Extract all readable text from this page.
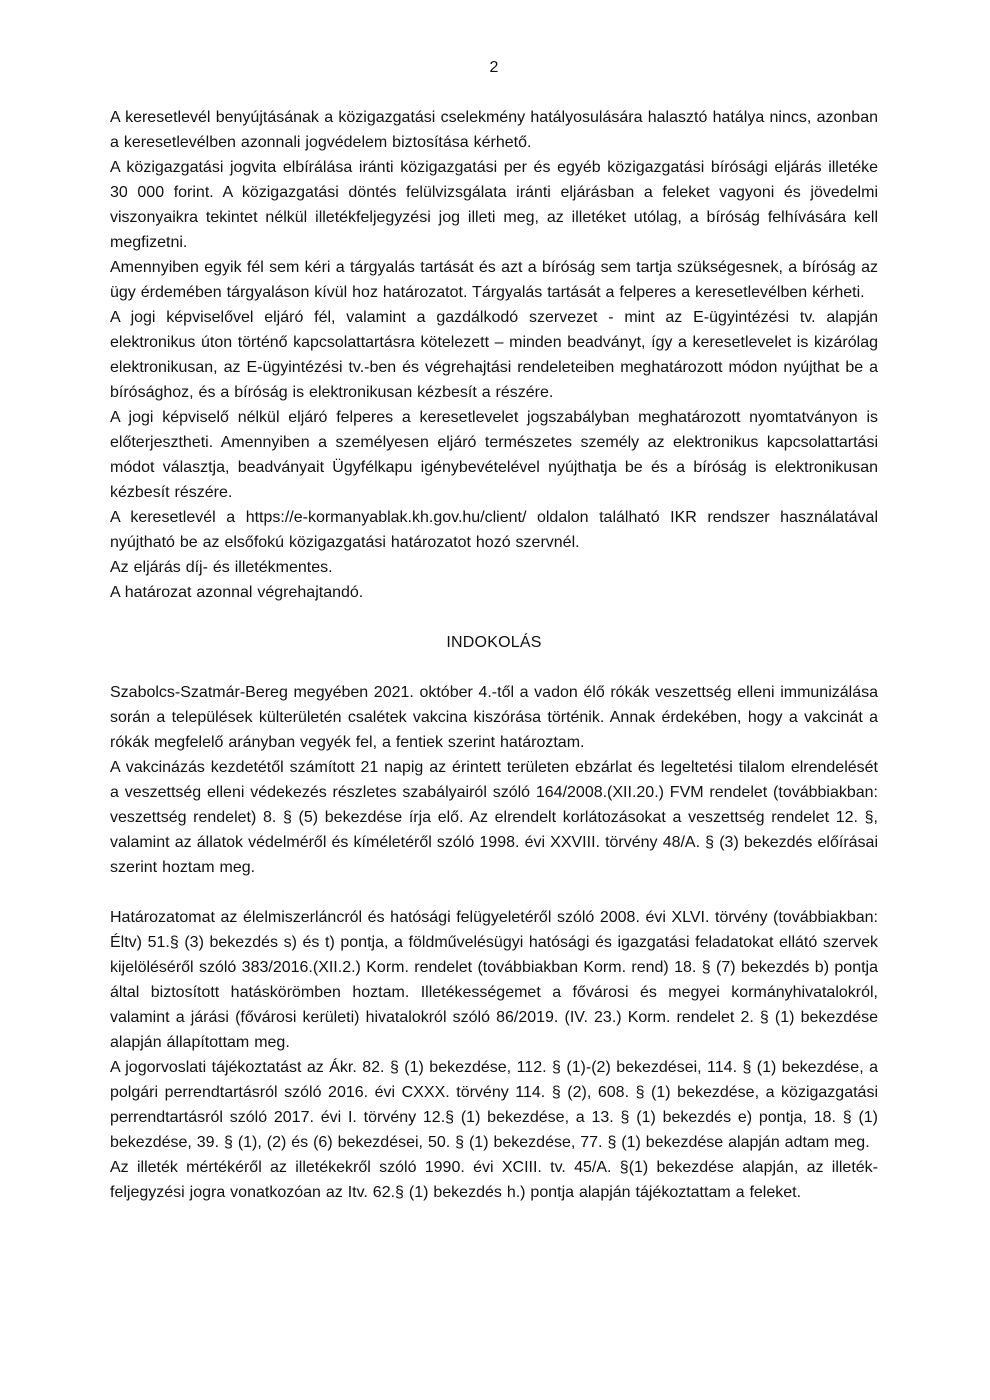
2

A keresetlevél benyújtásának a közigazgatási cselekmény hatályosulására halasztó hatálya nincs, azonban a keresetlevélben azonnali jogvédelem biztosítása kérhető.

A közigazgatási jogvita elbírálása iránti közigazgatási per és egyéb közigazgatási bírósági eljárás illetéke 30 000 forint. A közigazgatási döntés felülvizsgálata iránti eljárásban a feleket vagyoni és jövedelmi viszonyaikra tekintet nélkül illetékfeljegyzési jog illeti meg, az illetéket utólag, a bíróság felhívására kell megfizetni.

Amennyiben egyik fél sem kéri a tárgyalás tartását és azt a bíróság sem tartja szükségesnek, a bíróság az ügy érdemében tárgyaláson kívül hoz határozatot. Tárgyalás tartását a felperes a keresetlevélben kérheti.

A jogi képviselővel eljáró fél, valamint a gazdálkodó szervezet - mint az E-ügyintézési tv. alapján elektronikus úton történő kapcsolattartásra kötelezett – minden beadványt, így a keresetlevelet is kizárólag elektronikusan, az E-ügyintézési tv.-ben és végrehajtási rendeleteiben meghatározott módon nyújthat be a bírósághoz, és a bíróság is elektronikusan kézbesít a részére.

A jogi képviselő nélkül eljáró felperes a keresetlevelet jogszabályban meghatározott nyomtatványon is előterjesztheti. Amennyiben a személyesen eljáró természetes személy az elektronikus kapcsolattartási módot választja, beadványait Ügyfélkapu igénybevételével nyújthatja be és a bíróság is elektronikusan kézbesít részére.

A keresetlevél a https://e-kormanyablak.kh.gov.hu/client/ oldalon található IKR rendszer használatával nyújtható be az elsőfokú közigazgatási határozatot hozó szervnél.

Az eljárás díj- és illetékmentes.

A határozat azonnal végrehajtandó.

INDOKOLÁS

Szabolcs-Szatmár-Bereg megyében 2021. október 4.-től a vadon élő rókák veszettség elleni immunizálása során a települések külterületén csalétek vakcina kiszórása történik. Annak érdekében, hogy a vakcinát a rókák megfelelő arányban vegyék fel, a fentiek szerint határoztam.

A vakcinázás kezdetétől számított 21 napig az érintett területen ebzárlat és legeltetési tilalom elrendelését a veszettség elleni védekezés részletes szabályairól szóló 164/2008.(XII.20.) FVM rendelet (továbbiakban: veszettség rendelet) 8. § (5) bekezdése írja elő. Az elrendelt korlátozásokat a veszettség rendelet 12. §, valamint az állatok védelméről és kíméletéről szóló 1998. évi XXVIII. törvény 48/A. § (3) bekezdés előírásai szerint hoztam meg.

Határozatomat az élelmiszerláncról és hatósági felügyeletéről szóló 2008. évi XLVI. törvény (továbbiakban: Éltv) 51.§ (3) bekezdés s) és t) pontja, a földművelésügyi hatósági és igazgatási feladatokat ellátó szervek kijelöléséről szóló 383/2016.(XII.2.) Korm. rendelet (továbbiakban Korm. rend) 18. § (7) bekezdés b) pontja által biztosított hatáskörömben hoztam. Illetékességemet a fővárosi és megyei kormányhivatalokról, valamint a járási (fővárosi kerületi) hivatalokról szóló 86/2019. (IV. 23.) Korm. rendelet 2. § (1) bekezdése alapján állapítottam meg.

A jogorvoslati tájékoztatást az Ákr. 82. § (1) bekezdése, 112. § (1)-(2) bekezdései, 114. § (1) bekezdése, a polgári perrendtartásról szóló 2016. évi CXXX. törvény 114. § (2), 608. § (1) bekezdése, a közigazgatási perrendtartásról szóló 2017. évi I. törvény 12.§ (1) bekezdése, a 13. § (1) bekezdés e) pontja, 18. § (1) bekezdése, 39. § (1), (2) és (6) bekezdései, 50. § (1) bekezdése, 77. § (1) bekezdése alapján adtam meg.

Az illeték mértékéről az illetékekről szóló 1990. évi XCIII. tv. 45/A. §(1) bekezdése alapján, az illeték-feljegyzési jogra vonatkozóan az Itv. 62.§ (1) bekezdés h.) pontja alapján tájékoztattam a feleket.
